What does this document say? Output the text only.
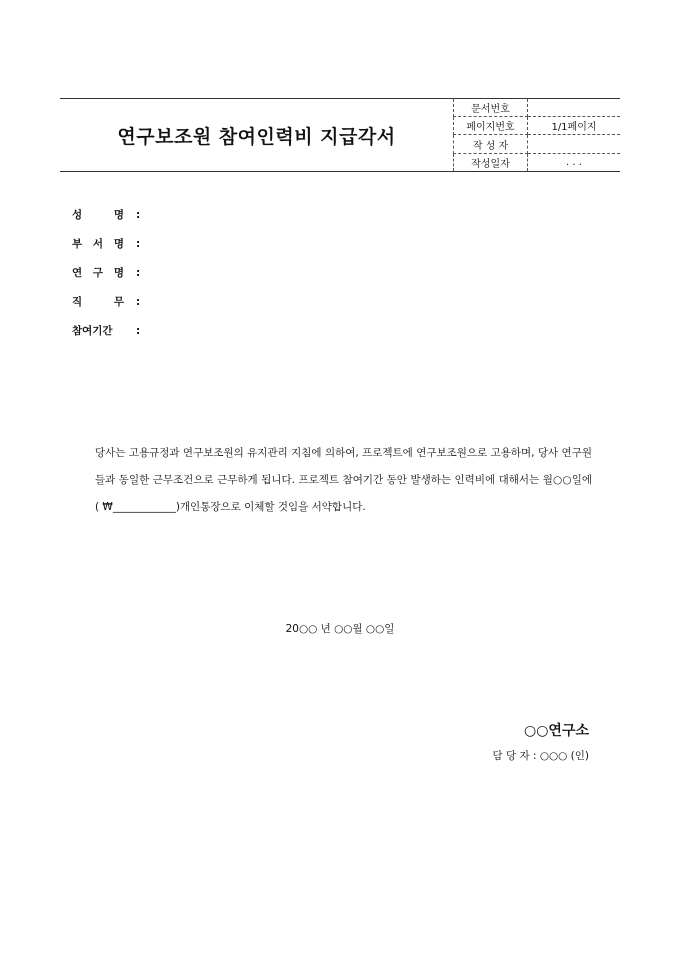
연구보조원 참여인력비 지급각서
문서번호	
페이지번호	1/1페이지
작 성 자	
작성일자	. . .
성	명 :
부 서 명 :
연 구 명 :
직	무 :
참여기간 :
당사는 고용규정과 연구보조원의 유지관리 지침에 의하여, 프로젝트에 연구보조원으로 고용하며, 당사 연구원들과 동일한 근무조건으로 근무하게 됩니다. 프로젝트 참여기간 동안 발생하는 인력비에 대해서는 월○○일에 ( ₩____________)개인통장으로 이체할 것임을 서약합니다.
20○○ 년 ○○월 ○○일
○○연구소
담 당 자 : ○○○ (인)
